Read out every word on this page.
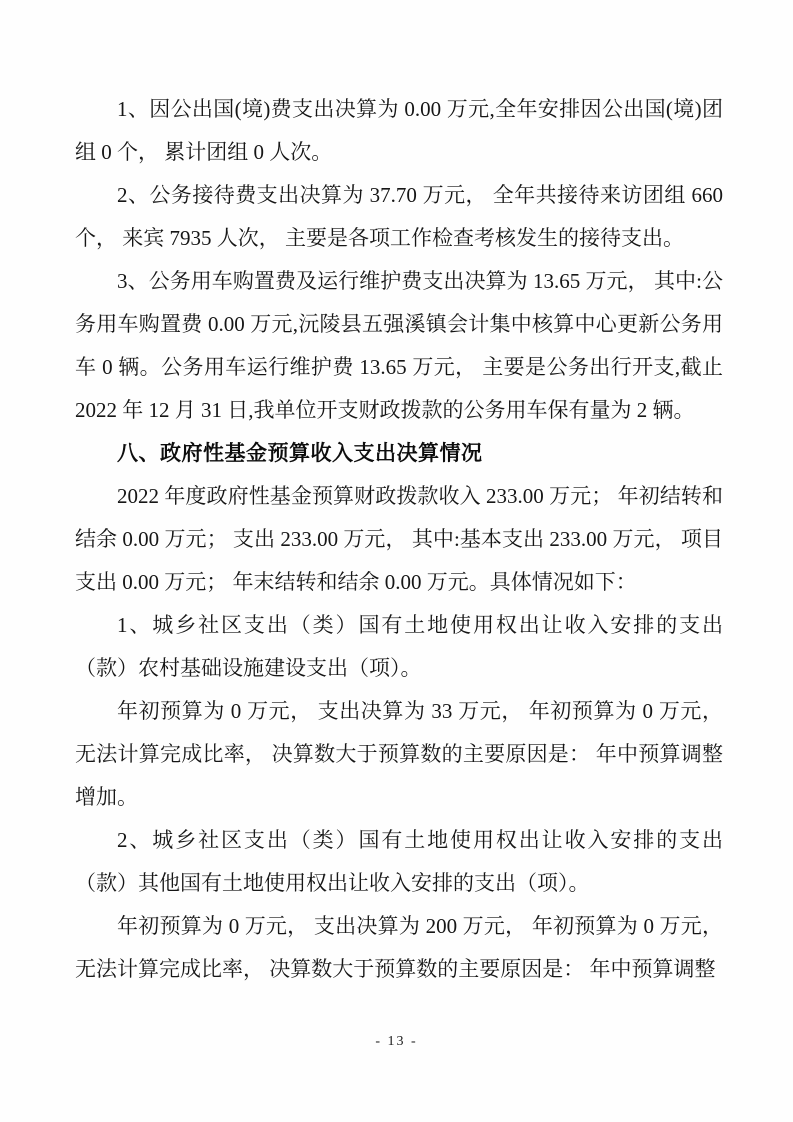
1、因公出国(境)费支出决算为 0.00 万元,全年安排因公出国(境)团组 0 个， 累计团组 0 人次。

2、公务接待费支出决算为 37.70 万元， 全年共接待来访团组 660 个， 来宾 7935 人次， 主要是各项工作检查考核发生的接待支出。

3、公务用车购置费及运行维护费支出决算为 13.65 万元， 其中:公务用车购置费 0.00 万元,沅陵县五强溪镇会计集中核算中心更新公务用车 0 辆。公务用车运行维护费 13.65 万元， 主要是公务出行开支,截止 2022 年 12 月 31 日,我单位开支财政拨款的公务用车保有量为 2 辆。

八、政府性基金预算收入支出决算情况

2022 年度政府性基金预算财政拨款收入 233.00 万元； 年初结转和结余 0.00 万元； 支出 233.00 万元， 其中:基本支出 233.00 万元， 项目支出 0.00 万元； 年末结转和结余 0.00 万元。具体情况如下：

1、城乡社区支出（类）国有土地使用权出让收入安排的支出（款）农村基础设施建设支出（项）。

年初预算为 0 万元， 支出决算为 33 万元， 年初预算为 0 万元，无法计算完成比率， 决算数大于预算数的主要原因是： 年中预算调整增加。

2、城乡社区支出（类）国有土地使用权出让收入安排的支出（款）其他国有土地使用权出让收入安排的支出（项）。

年初预算为 0 万元， 支出决算为 200 万元， 年初预算为 0 万元，无法计算完成比率， 决算数大于预算数的主要原因是： 年中预算调整

- 13 -
